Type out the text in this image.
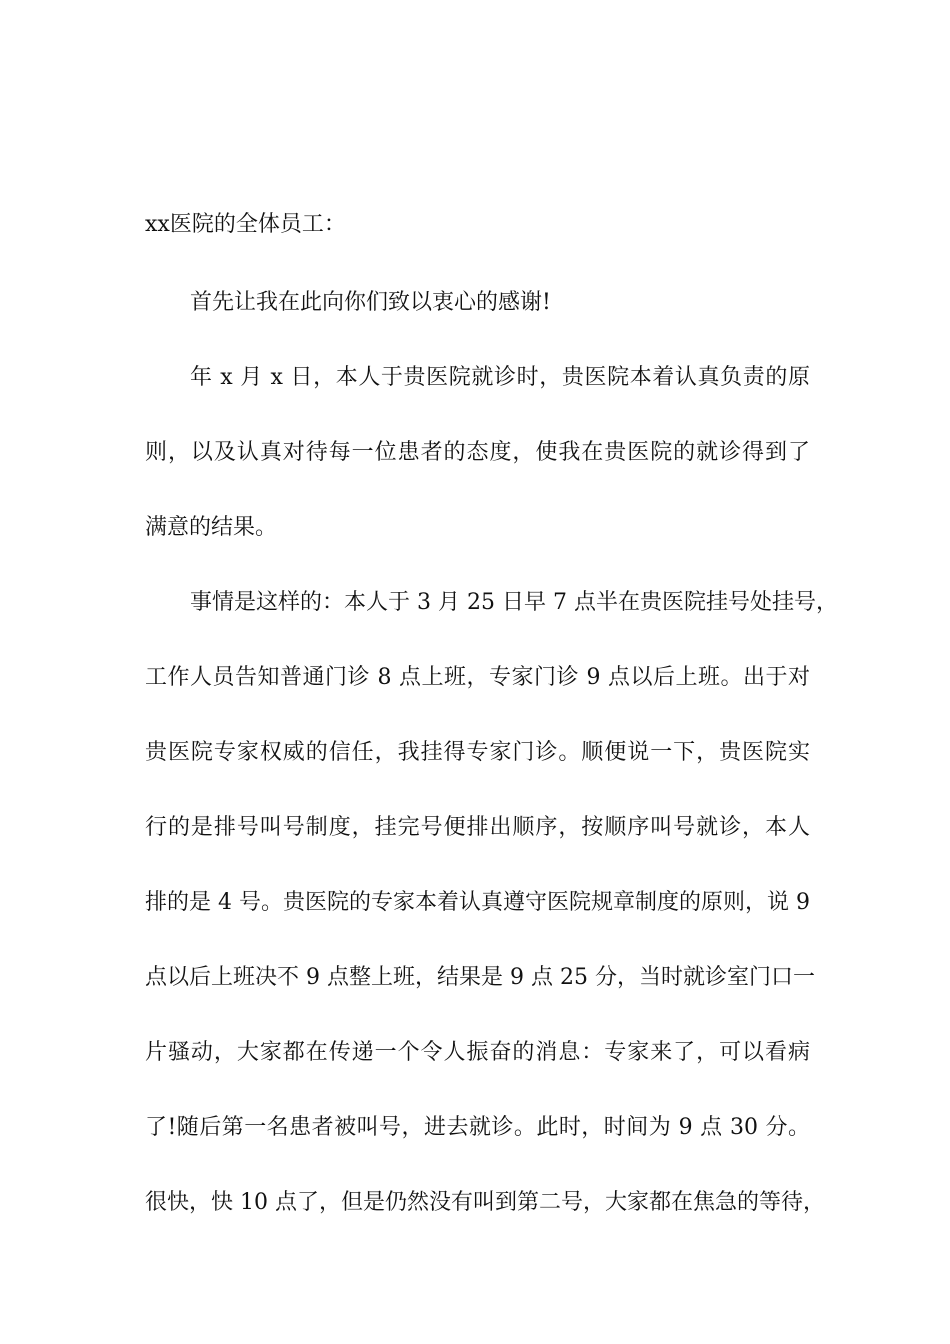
xx医院的全体员工：
首先让我在此向你们致以衷心的感谢!
年 x 月 x 日，本人于贵医院就诊时，贵医院本着认真负责的原
则，以及认真对待每一位患者的态度，使我在贵医院的就诊得到了
满意的结果。
事情是这样的：本人于 3 月 25 日早 7 点半在贵医院挂号处挂号，
工作人员告知普通门诊 8 点上班，专家门诊 9 点以后上班。出于对
贵医院专家权威的信任，我挂得专家门诊。顺便说一下，贵医院实
行的是排号叫号制度，挂完号便排出顺序，按顺序叫号就诊，本人
排的是 4 号。贵医院的专家本着认真遵守医院规章制度的原则，说 9
点以后上班决不 9 点整上班，结果是 9 点 25 分，当时就诊室门口一
片骚动，大家都在传递一个令人振奋的消息：专家来了，可以看病
了!随后第一名患者被叫号，进去就诊。此时，时间为 9 点 30 分。
很快，快 10 点了，但是仍然没有叫到第二号，大家都在焦急的等待，
